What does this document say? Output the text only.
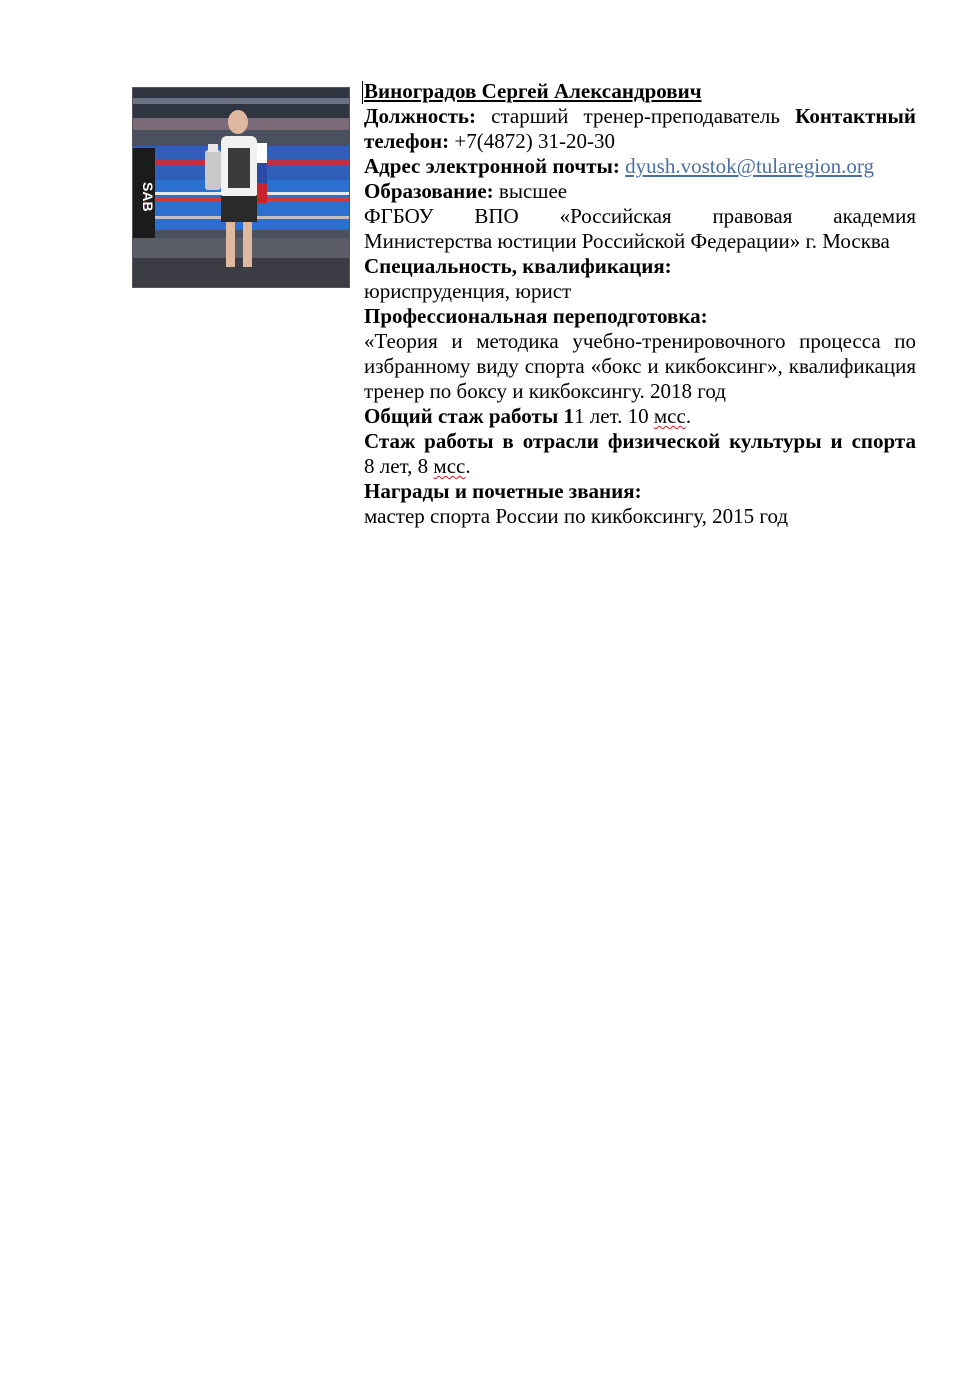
SAB

Виноградов Сергей Александрович

Должность: старший тренер-преподаватель Контактный телефон: +7(4872) 31-20-30

Адрес электронной почты: dyush.vostok@tularegion.org

Образование: высшее

ФГБОУ ВПО «Российская правовая академия

Министерства юстиции Российской Федерации» г. Москва

Специальность, квалификация:

юриспруденция, юрист

Профессиональная переподготовка:

«Теория и методика учебно-тренировочного процесса по избранному виду спорта «бокс и кикбоксинг», квалификация тренер по боксу и кикбоксингу. 2018 год

Общий стаж работы 11 лет. 10 мсс.

Стаж работы в отрасли физической культуры и спорта

8 лет, 8 мсс.

Награды и почетные звания:

мастер спорта России по кикбоксингу, 2015 год
